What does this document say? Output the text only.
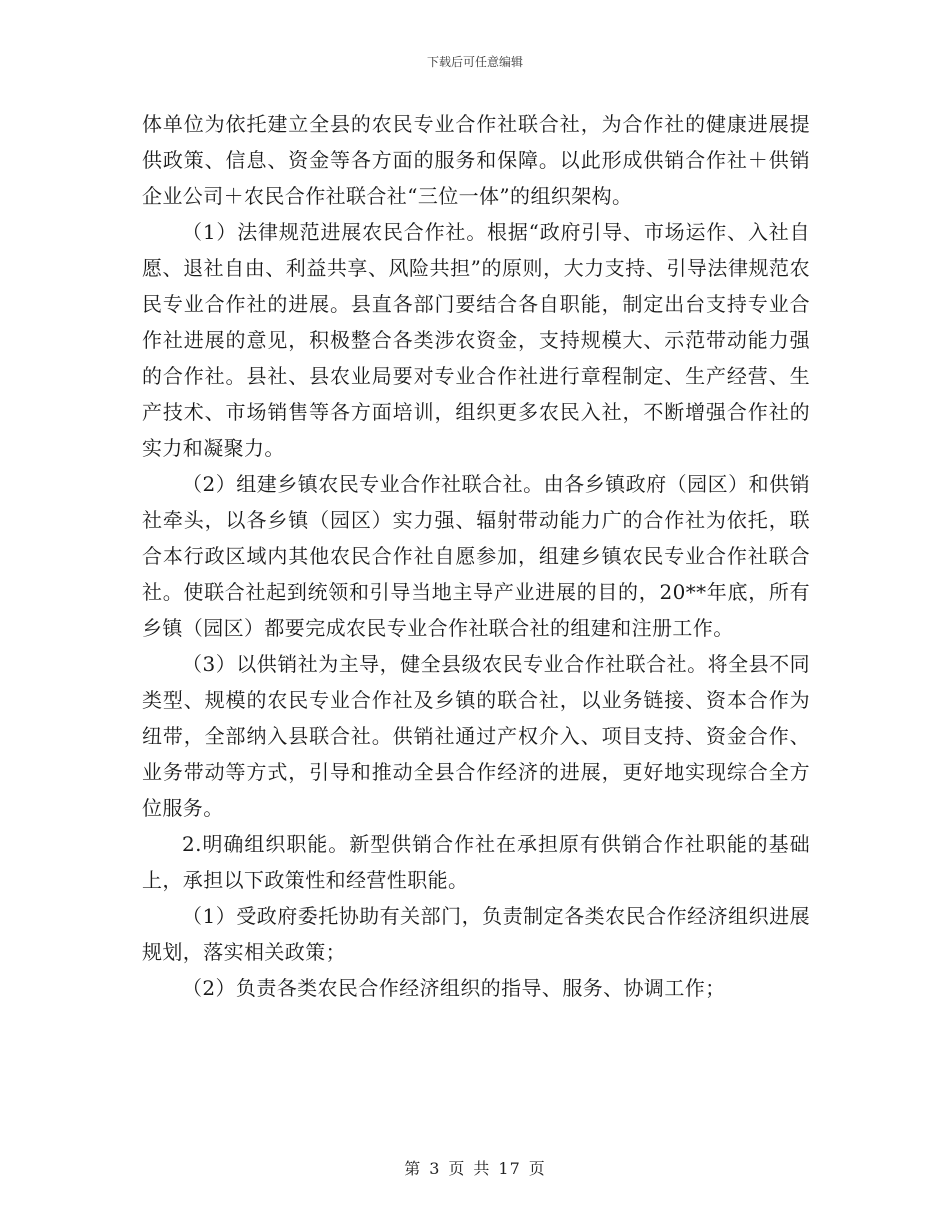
下载后可任意编辑

体单位为依托建立全县的农民专业合作社联合社，为合作社的健康进展提供政策、信息、资金等各方面的服务和保障。以此形成供销合作社＋供销企业公司＋农民合作社联合社“三位一体”的组织架构。

（1）法律规范进展农民合作社。根据“政府引导、市场运作、入社自愿、退社自由、利益共享、风险共担”的原则，大力支持、引导法律规范农民专业合作社的进展。县直各部门要结合各自职能，制定出台支持专业合作社进展的意见，积极整合各类涉农资金，支持规模大、示范带动能力强的合作社。县社、县农业局要对专业合作社进行章程制定、生产经营、生产技术、市场销售等各方面培训，组织更多农民入社，不断增强合作社的实力和凝聚力。

（2）组建乡镇农民专业合作社联合社。由各乡镇政府（园区）和供销社牵头，以各乡镇（园区）实力强、辐射带动能力广的合作社为依托，联合本行政区域内其他农民合作社自愿参加，组建乡镇农民专业合作社联合社。使联合社起到统领和引导当地主导产业进展的目的，20**年底，所有乡镇（园区）都要完成农民专业合作社联合社的组建和注册工作。

（3）以供销社为主导，健全县级农民专业合作社联合社。将全县不同类型、规模的农民专业合作社及乡镇的联合社，以业务链接、资本合作为纽带，全部纳入县联合社。供销社通过产权介入、项目支持、资金合作、业务带动等方式，引导和推动全县合作经济的进展，更好地实现综合全方位服务。

2.明确组织职能。新型供销合作社在承担原有供销合作社职能的基础上，承担以下政策性和经营性职能。

（1）受政府委托协助有关部门，负责制定各类农民合作经济组织进展规划，落实相关政策；

（2）负责各类农民合作经济组织的指导、服务、协调工作；

第 3 页 共 17 页
